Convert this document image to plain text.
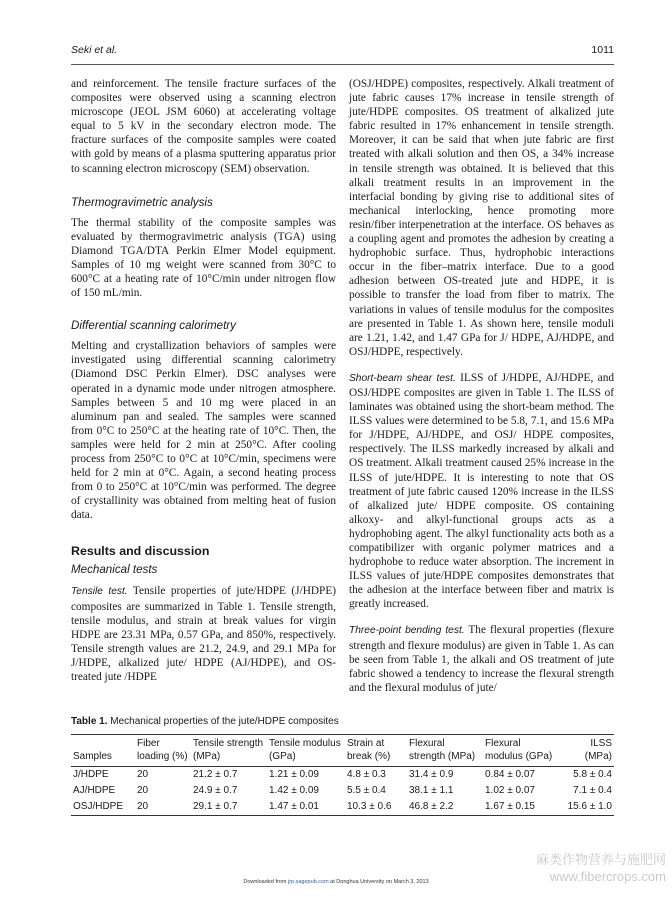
Seki et al.	1011

and reinforcement. The tensile fracture surfaces of the composites were observed using a scanning electron microscope (JEOL JSM 6060) at accelerating voltage equal to 5 kV in the secondary electron mode. The fracture surfaces of the composite samples were coated with gold by means of a plasma sputtering apparatus prior to scanning electron microscopy (SEM) observation.

Thermogravimetric analysis

The thermal stability of the composite samples was evaluated by thermogravimetric analysis (TGA) using Diamond TGA/DTA Perkin Elmer Model equipment. Samples of 10 mg weight were scanned from 30°C to 600°C at a heating rate of 10°C/min under nitrogen flow of 150 mL/min.

Differential scanning calorimetry

Melting and crystallization behaviors of samples were investigated using differential scanning calorimetry (Diamond DSC Perkin Elmer). DSC analyses were operated in a dynamic mode under nitrogen atmosphere. Samples between 5 and 10 mg were placed in an aluminum pan and sealed. The samples were scanned from 0°C to 250°C at the heating rate of 10°C. Then, the samples were held for 2 min at 250°C. After cooling process from 250°C to 0°C at 10°C/min, specimens were held for 2 min at 0°C. Again, a second heating process from 0 to 250°C at 10°C/min was performed. The degree of crystallinity was obtained from melting heat of fusion data.

Results and discussion
Mechanical tests

Tensile test. Tensile properties of jute/HDPE (J/HDPE) composites are summarized in Table 1. Tensile strength, tensile modulus, and strain at break values for virgin HDPE are 23.31 MPa, 0.57 GPa, and 850%, respectively. Tensile strength values are 21.2, 24.9, and 29.1 MPa for J/HDPE, alkalized jute/ HDPE (AJ/HDPE), and OS-treated jute /HDPE

(OSJ/HDPE) composites, respectively. Alkali treatment of jute fabric causes 17% increase in tensile strength of jute/HDPE composites. OS treatment of alkalized jute fabric resulted in 17% enhancement in tensile strength. Moreover, it can be said that when jute fabric are first treated with alkali solution and then OS, a 34% increase in tensile strength was obtained. It is believed that this alkali treatment results in an improvement in the interfacial bonding by giving rise to additional sites of mechanical interlocking, hence promoting more resin/fiber interpenetration at the interface. OS behaves as a coupling agent and promotes the adhesion by creating a hydrophobic surface. Thus, hydrophobic interactions occur in the fiber–matrix interface. Due to a good adhesion between OS-treated jute and HDPE, it is possible to transfer the load from fiber to matrix. The variations in values of tensile modulus for the composites are presented in Table 1. As shown here, tensile moduli are 1.21, 1.42, and 1.47 GPa for J/ HDPE, AJ/HDPE, and OSJ/HDPE, respectively.

Short-beam shear test. ILSS of J/HDPE, AJ/HDPE, and OSJ/HDPE composites are given in Table 1. The ILSS of laminates was obtained using the short-beam method. The ILSS values were determined to be 5.8, 7.1, and 15.6 MPa for J/HDPE, AJ/HDPE, and OSJ/ HDPE composites, respectively. The ILSS markedly increased by alkali and OS treatment. Alkali treatment caused 25% increase in the ILSS of jute/HDPE. It is interesting to note that OS treatment of jute fabric caused 120% increase in the ILSS of alkalized jute/ HDPE composite. OS containing alkoxy- and alkyl-functional groups acts as a hydrophobing agent. The alkyl functionality acts both as a compatibilizer with organic polymer matrices and a hydrophobe to reduce water absorption. The increment in ILSS values of jute/HDPE composites demonstrates that the adhesion at the interface between fiber and matrix is greatly increased.

Three-point bending test. The flexural properties (flexure strength and flexure modulus) are given in Table 1. As can be seen from Table 1, the alkali and OS treatment of jute fabric showed a tendency to increase the flexural strength and the flexural modulus of jute/

Table 1. Mechanical properties of the jute/HDPE composites
Samples	Fiber loading (%)	Tensile strength (MPa)	Tensile modulus (GPa)	Strain at break (%)	Flexural strength (MPa)	Flexural modulus (GPa)	ILSS (MPa)
J/HDPE	20	21.2 ± 0.7	1.21 ± 0.09	4.8 ± 0.3	31.4 ± 0.9	0.84 ± 0.07	5.8 ± 0.4
AJ/HDPE	20	24.9 ± 0.7	1.42 ± 0.09	5.5 ± 0.4	38.1 ± 1.1	1.02 ± 0.07	7.1 ± 0.4
OSJ/HDPE	20	29.1 ± 0.7	1.47 ± 0.01	10.3 ± 0.6	46.8 ± 2.2	1.67 ± 0.15	15.6 ± 1.0
Downloaded from jrp.sagepub.com at Donghua University on March 3, 2013
麻类作物营养与施肥网
www.fibercrops.com
